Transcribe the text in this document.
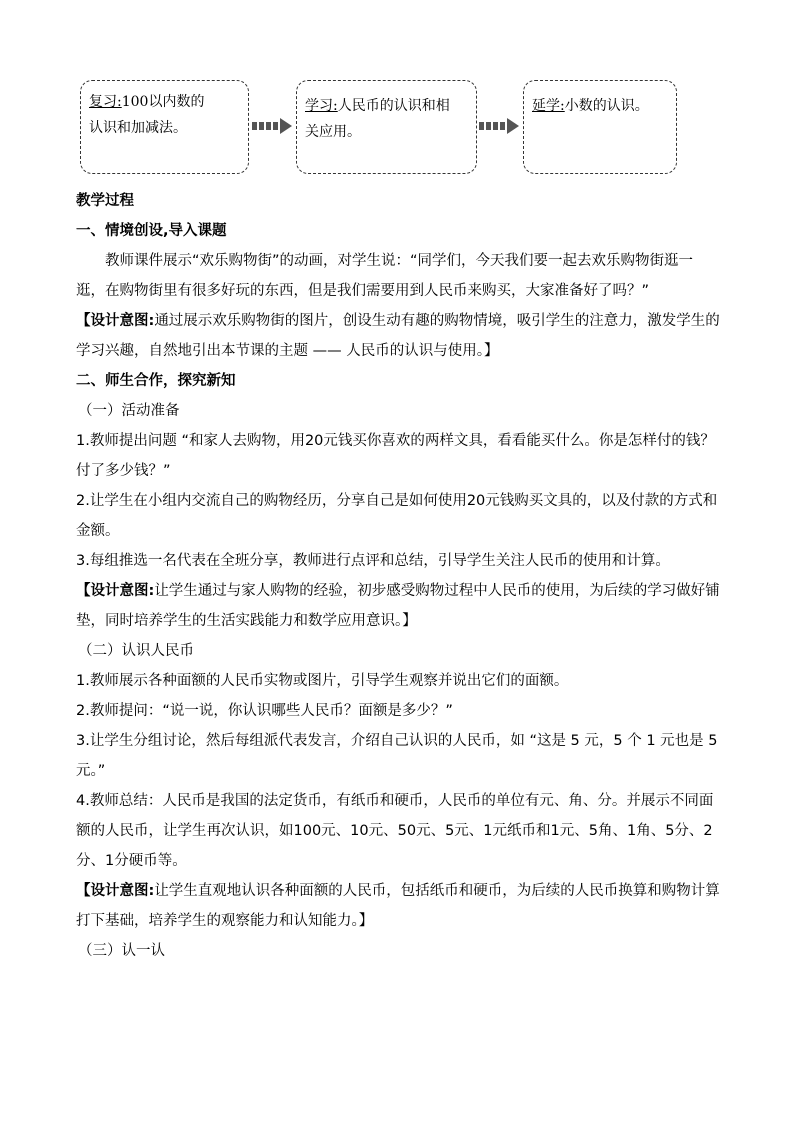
复习:100以内数的
认识和加减法。
学习:人民币的认识和相
关应用。
延学:小数的认识。

教学过程

一、情境创设,导入课题

教师课件展示“欢乐购物街”的动画，对学生说：“同学们，今天我们要一起去欢乐购物街逛一逛，在购物街里有很多好玩的东西，但是我们需要用到人民币来购买，大家准备好了吗？”

【设计意图:通过展示欢乐购物街的图片，创设生动有趣的购物情境，吸引学生的注意力，激发学生的学习兴趣，自然地引出本节课的主题 —— 人民币的认识与使用。】

二、师生合作，探究新知

（一）活动准备

1.教师提出问题 “和家人去购物，用20元钱买你喜欢的两样文具，看看能买什么。你是怎样付的钱？付了多少钱？”

2.让学生在小组内交流自己的购物经历，分享自己是如何使用20元钱购买文具的，以及付款的方式和金额。

3.每组推选一名代表在全班分享，教师进行点评和总结，引导学生关注人民币的使用和计算。

【设计意图:让学生通过与家人购物的经验，初步感受购物过程中人民币的使用，为后续的学习做好铺垫，同时培养学生的生活实践能力和数学应用意识。】

（二）认识人民币

1.教师展示各种面额的人民币实物或图片，引导学生观察并说出它们的面额。

2.教师提问：“说一说，你认识哪些人民币？面额是多少？”

3.让学生分组讨论，然后每组派代表发言，介绍自己认识的人民币，如 “这是 5 元，5 个 1 元也是 5 元。”

4.教师总结：人民币是我国的法定货币，有纸币和硬币，人民币的单位有元、角、分。并展示不同面额的人民币，让学生再次认识，如100元、10元、50元、5元、1元纸币和1元、5角、1角、5分、2分、1分硬币等。

【设计意图:让学生直观地认识各种面额的人民币，包括纸币和硬币，为后续的人民币换算和购物计算打下基础，培养学生的观察能力和认知能力。】

（三）认一认
